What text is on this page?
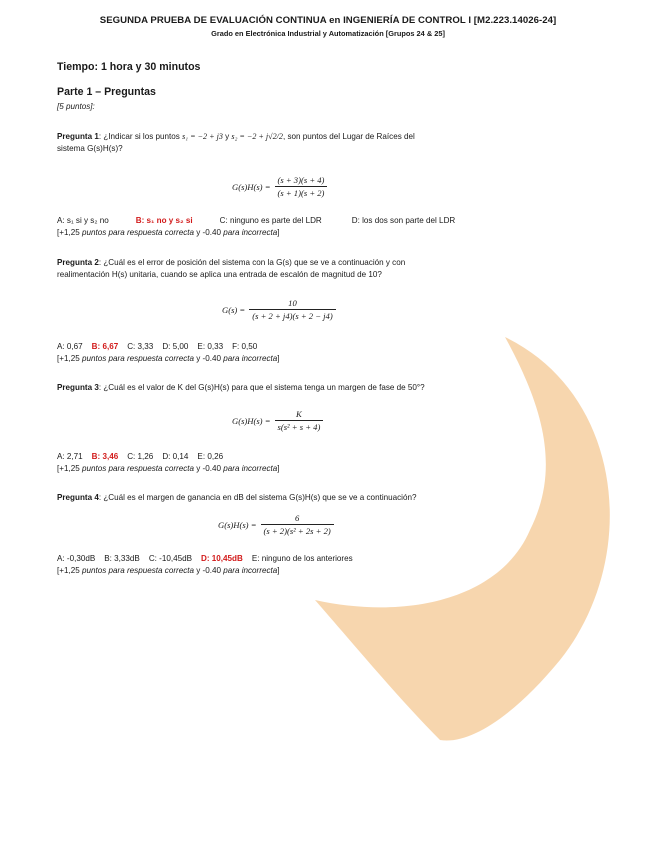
SEGUNDA PRUEBA DE EVALUACIÓN CONTINUA en INGENIERÍA DE CONTROL I [M2.223.14026-24]
Grado en Electrónica Industrial y Automatización [Grupos 24 & 25]
Tiempo: 1 hora y 30 minutos
Parte 1 – Preguntas
[5 puntos]:
Pregunta 1: ¿Indicar si los puntos s₁ = −2 + j3 y s₂ = −2 + j√2/2, son puntos del Lugar de Raíces del
sistema G(s)H(s)?
$G(s)H(s) = \frac{(s + 3)(s + 4)}{(s + 1)(s + 2)}$
A: s₁ si y s₂ no	B: s₁ no y s₂ si	C: ninguno es parte del LDR	D: los dos son parte del LDR
[+1,25 puntos para respuesta correcta y -0.40 para incorrecta]
Pregunta 2: ¿Cuál es el error de posición del sistema con la G(s) que se ve a continuación y con
realimentación H(s) unitaria, cuando se aplica una entrada de escalón de magnitud de 10?
$G(s) = \frac{10}{(s + 2 + j4)(s + 2 - j4)}$
A: 0,67 B: 6,67 C: 3,33 D: 5,00 E: 0,33 F: 0,50
[+1,25 puntos para respuesta correcta y -0.40 para incorrecta]
Pregunta 3: ¿Cuál es el valor de K del G(s)H(s) para que el sistema tenga un margen de fase de 50°?
$G(s)H(s) = \frac{K}{\text{s(s² + s + 4)}}$
A: 2,71 B: 3,46 C: 1,26 D: 0,14 E: 0,26
[+1,25 puntos para respuesta correcta y -0.40 para incorrecta]
Pregunta 4: ¿Cuál es el margen de ganancia en dB del sistema G(s)H(s) que se ve a continuación?
$G(s)H(s) = \frac{6}{\text{(s + 2)(s² + 2s + 2)}}$
A: -0,30dB B: 3,33dB C: -10,45dB D: 10,45dB E: ninguno de los anteriores
[+1,25 puntos para respuesta correcta y -0.40 para incorrecta]
